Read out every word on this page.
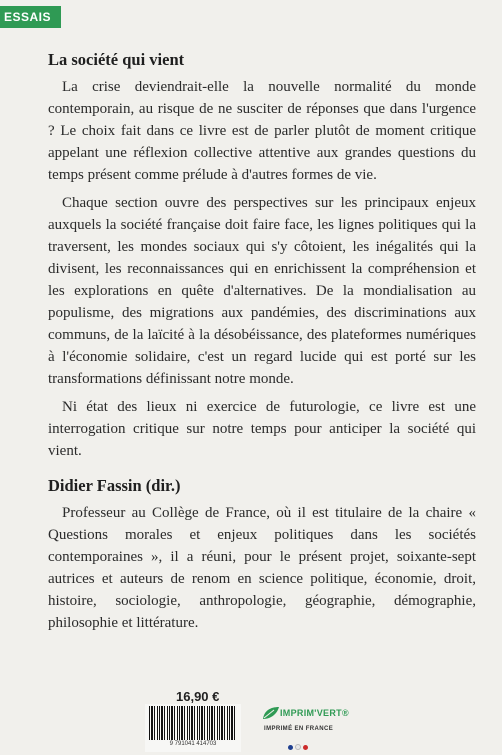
ESSAIS
La société qui vient

La crise deviendrait-elle la nouvelle normalité du monde contemporain, au risque de ne susciter de réponses que dans l'urgence ? Le choix fait dans ce livre est de parler plutôt de moment critique appelant une réflexion collective attentive aux grandes questions du temps présent comme prélude à d'autres formes de vie.

Chaque section ouvre des perspectives sur les principaux enjeux auxquels la société française doit faire face, les lignes politiques qui la traversent, les mondes sociaux qui s'y côtoient, les inégalités qui la divisent, les reconnaissances qui en enrichissent la compréhension et les explorations en quête d'alternatives. De la mondialisation au populisme, des migrations aux pandémies, des discriminations aux communs, de la laïcité à la désobéissance, des plateformes numériques à l'économie solidaire, c'est un regard lucide qui est porté sur les transformations définissant notre monde.

Ni état des lieux ni exercice de futurologie, ce livre est une interrogation critique sur notre temps pour anticiper la société qui vient.

Didier Fassin (dir.)

Professeur au Collège de France, où il est titulaire de la chaire « Questions morales et enjeux politiques dans les sociétés contemporaines », il a réuni, pour le présent projet, soixante-sept autrices et auteurs de renom en science politique, économie, droit, histoire, sociologie, anthropologie, géographie, démographie, philosophie et littérature.

16,90 €
9 791041 414703
IMPRIM'VERT®
IMPRIMÉ EN FRANCE
